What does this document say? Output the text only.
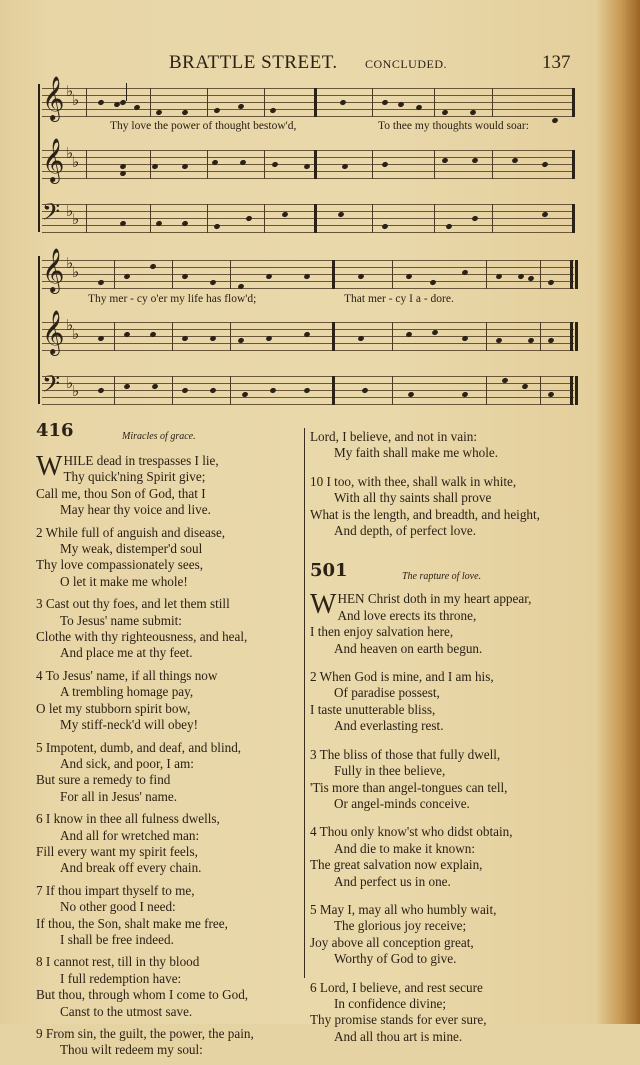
BRATTLE STREET. CONCLUDED.	137
𝄞 ♭
♭
Thy love the power of thought bestow'd,	To thee my thoughts would soar:
𝄞 ♭
♭
𝄢 ♭
♭
𝄞 ♭
♭
Thy mer - cy o'er my life has flow'd;	That mer - cy I a - dore.
𝄞 ♭
♭
𝄢 ♭
♭
416	Miracles of grace.
W HILE dead in trespasses I lie,
Thy quick'ning Spirit give;
Call me, thou Son of God, that I
May hear thy voice and live.
2 While full of anguish and disease,
My weak, distemper'd soul
Thy love compassionately sees,
O let it make me whole!
3 Cast out thy foes, and let them still
To Jesus' name submit:
Clothe with thy righteousness, and heal,
And place me at thy feet.
4 To Jesus' name, if all things now
A trembling homage pay,
O let my stubborn spirit bow,
My stiff-neck'd will obey!
5 Impotent, dumb, and deaf, and blind,
And sick, and poor, I am:
But sure a remedy to find
For all in Jesus' name.
6 I know in thee all fulness dwells,
And all for wretched man:
Fill every want my spirit feels,
And break off every chain.
7 If thou impart thyself to me,
No other good I need:
If thou, the Son, shalt make me free,
I shall be free indeed.
8 I cannot rest, till in thy blood
I full redemption have:
But thou, through whom I come to God,
Canst to the utmost save.
9 From sin, the guilt, the power, the pain,
Thou wilt redeem my soul:
Lord, I believe, and not in vain:
My faith shall make me whole.
10 I too, with thee, shall walk in white,
With all thy saints shall prove
What is the length, and breadth, and height,
And depth, of perfect love.
501	The rapture of love.
W HEN Christ doth in my heart appear,
And love erects its throne,
I then enjoy salvation here,
And heaven on earth begun.
2 When God is mine, and I am his,
Of paradise possest,
I taste unutterable bliss,
And everlasting rest.
3 The bliss of those that fully dwell,
Fully in thee believe,
'Tis more than angel-tongues can tell,
Or angel-minds conceive.
4 Thou only know'st who didst obtain,
And die to make it known:
The great salvation now explain,
And perfect us in one.
5 May I, may all who humbly wait,
The glorious joy receive;
Joy above all conception great,
Worthy of God to give.
6 Lord, I believe, and rest secure
In confidence divine;
Thy promise stands for ever sure,
And all thou art is mine.
